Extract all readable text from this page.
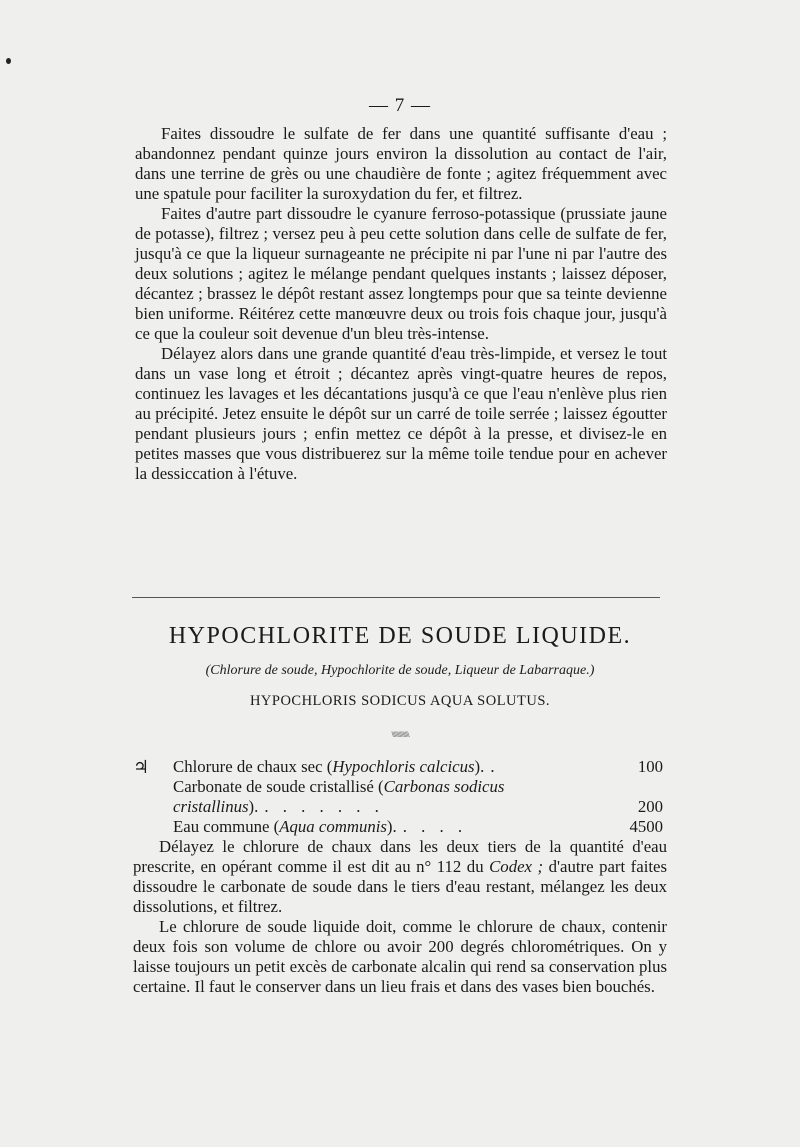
— 7 —

Faites dissoudre le sulfate de fer dans une quantité suffisante d'eau ; abandonnez pendant quinze jours environ la dissolution au contact de l'air, dans une terrine de grès ou une chaudière de fonte ; agitez fréquemment avec une spatule pour faciliter la suroxydation du fer, et filtrez.

Faites d'autre part dissoudre le cyanure ferroso-potassique (prussiate jaune de potasse), filtrez ; versez peu à peu cette solution dans celle de sulfate de fer, jusqu'à ce que la liqueur surnageante ne précipite ni par l'une ni par l'autre des deux solutions ; agitez le mélange pendant quelques instants ; laissez déposer, décantez ; brassez le dépôt restant assez longtemps pour que sa teinte devienne bien uniforme. Réitérez cette manœuvre deux ou trois fois chaque jour, jusqu'à ce que la couleur soit devenue d'un bleu très-intense.

Délayez alors dans une grande quantité d'eau très-limpide, et versez le tout dans un vase long et étroit ; décantez après vingt-quatre heures de repos, continuez les lavages et les décantations jusqu'à ce que l'eau n'enlève plus rien au précipité. Jetez ensuite le dépôt sur un carré de toile serrée ; laissez égoutter pendant plusieurs jours ; enfin mettez ce dépôt à la presse, et divisez-le en petites masses que vous distribuerez sur la même toile tendue pour en achever la dessiccation à l'étuve.

HYPOCHLORITE DE SOUDE LIQUIDE.
(Chlorure de soude, Hypochlorite de soude, Liqueur de Labarraque.)
HYPOCHLORIS SODICUS AQUA SOLUTUS.
\\\\\\\\\\\\\\
♃ Chlorure de chaux sec (Hypochloris calcicus). .	100
Carbonate de soude cristallisé (Carbonas sodicus
cristallinus). . . . . . . .	200
Eau commune (Aqua communis). . . . .	4500

Délayez le chlorure de chaux dans les deux tiers de la quantité d'eau prescrite, en opérant comme il est dit au n° 112 du Codex ; d'autre part faites dissoudre le carbonate de soude dans le tiers d'eau restant, mélangez les deux dissolutions, et filtrez.

Le chlorure de soude liquide doit, comme le chlorure de chaux, contenir deux fois son volume de chlore ou avoir 200 degrés chlorométriques. On y laisse toujours un petit excès de carbonate alcalin qui rend sa conservation plus certaine. Il faut le conserver dans un lieu frais et dans des vases bien bouchés.
